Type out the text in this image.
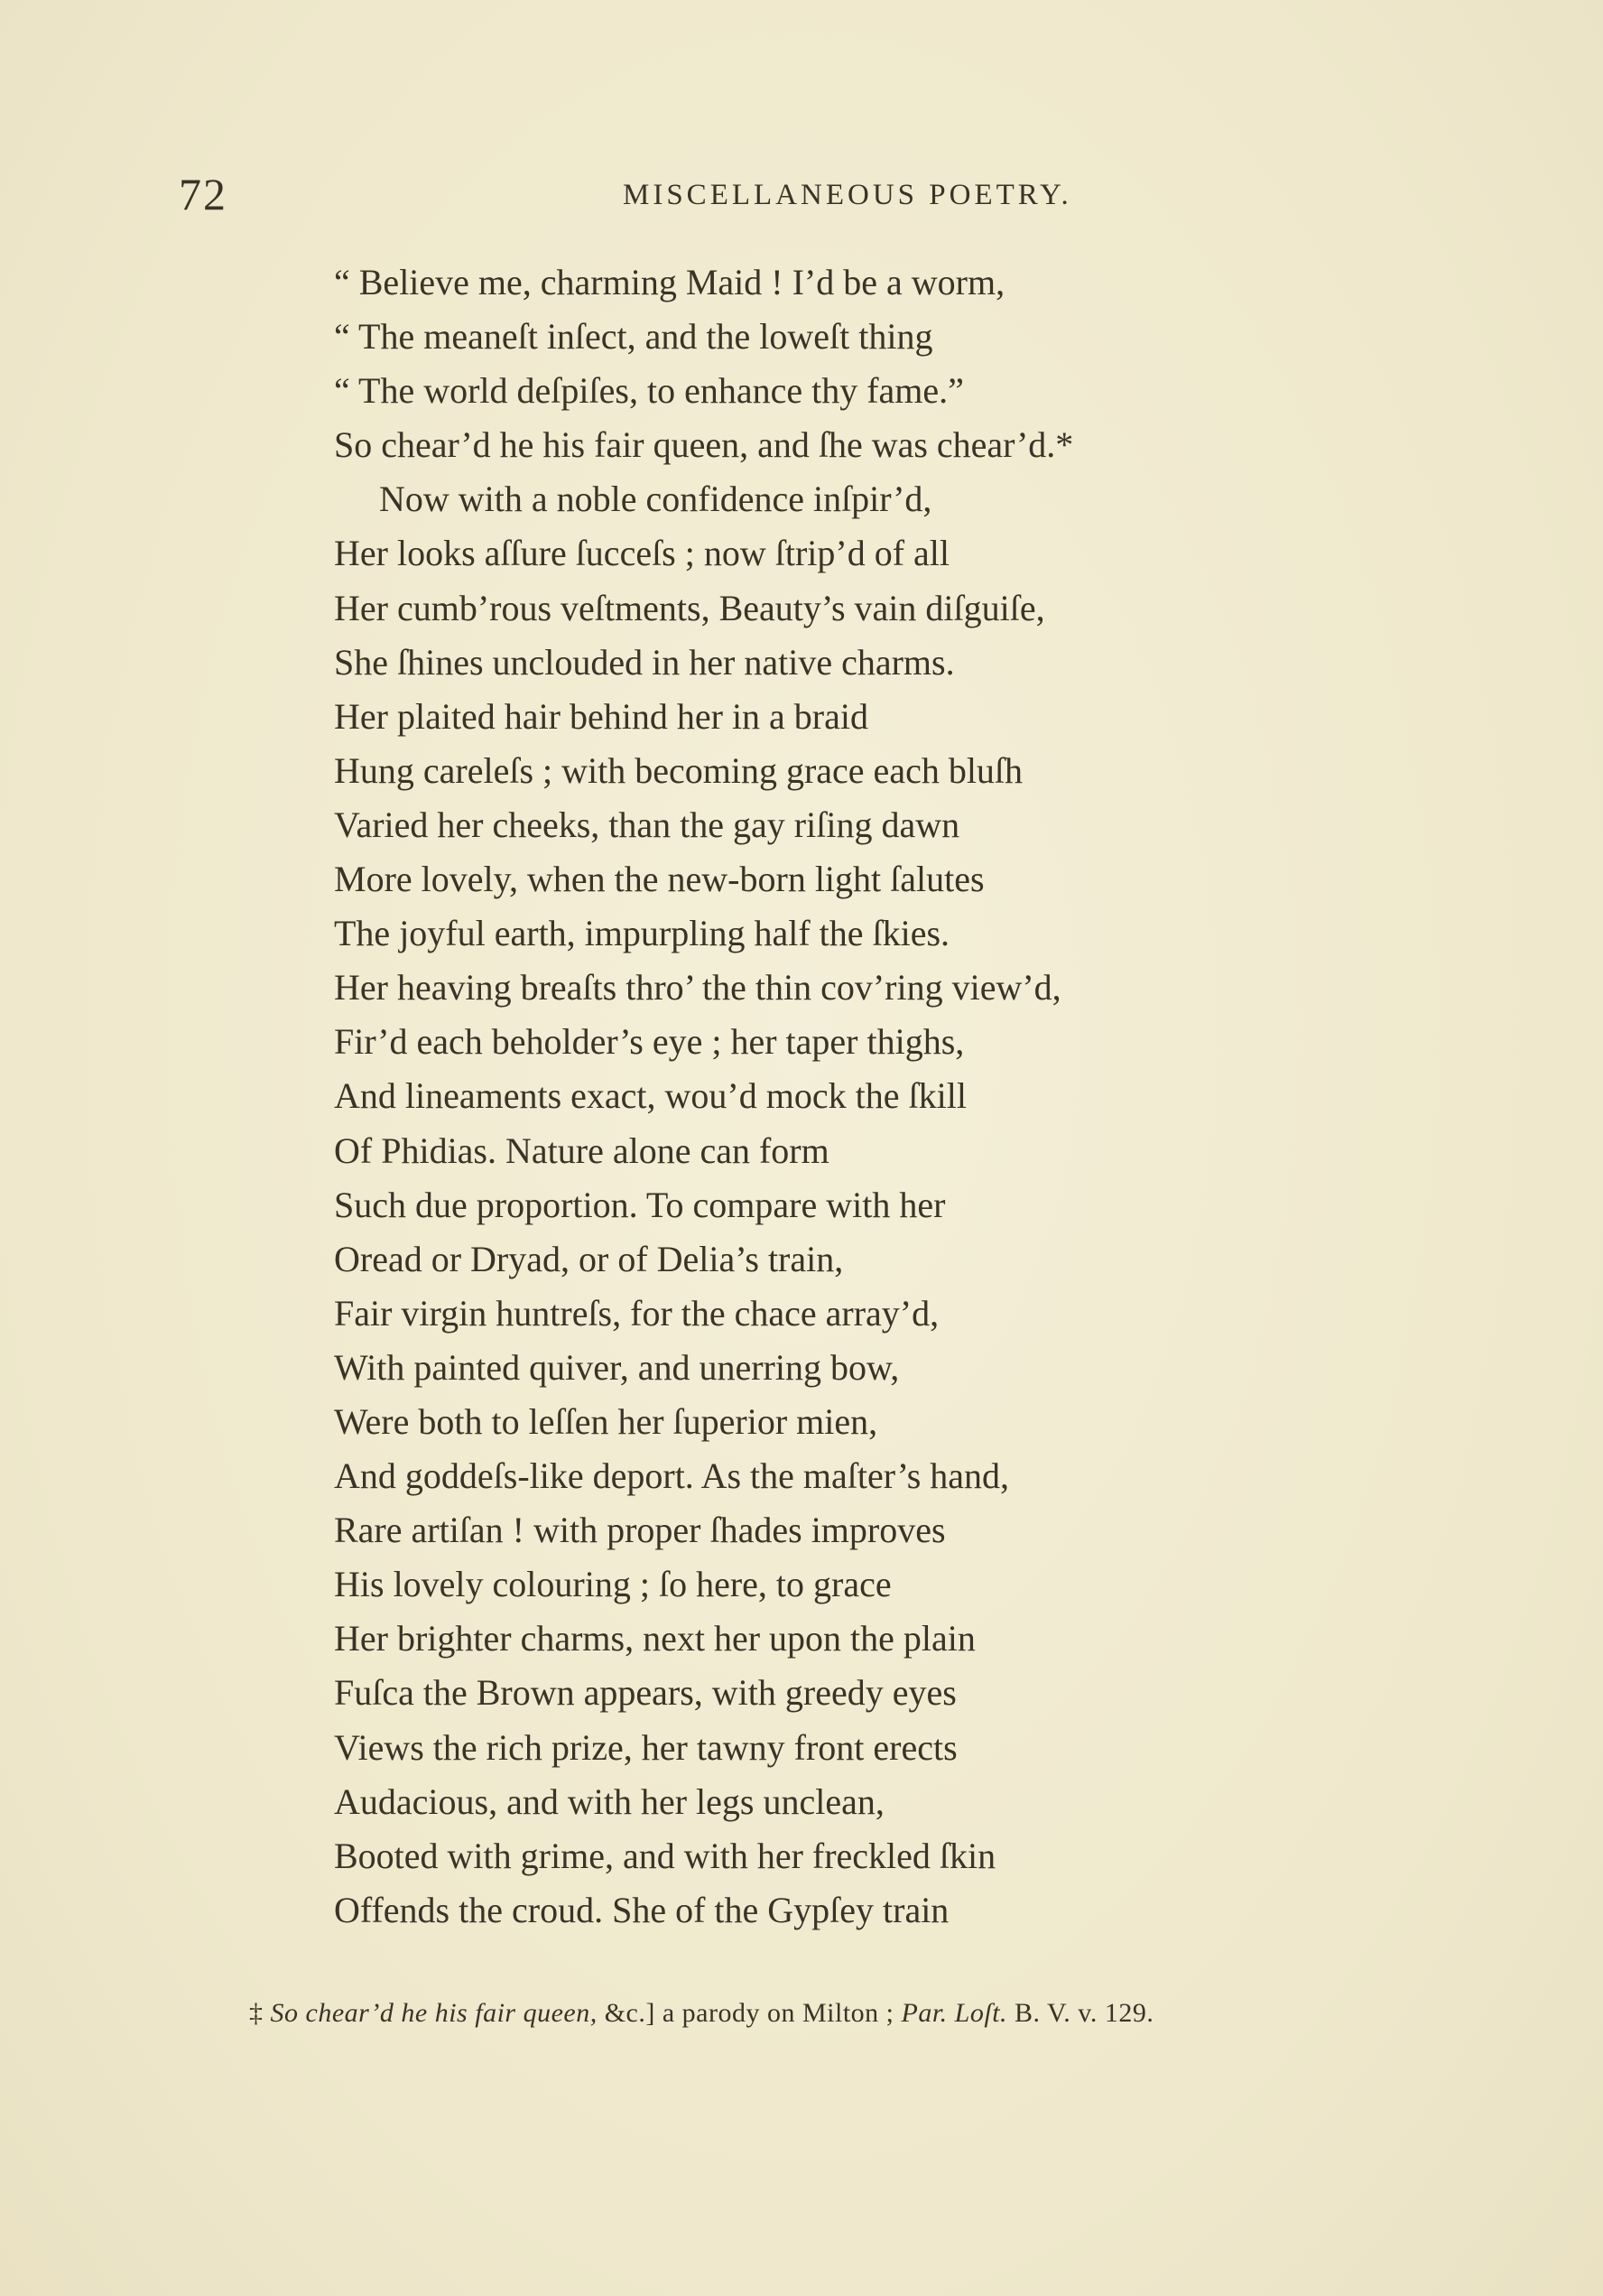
72	MISCELLANEOUS POETRY.
“ Believe me, charming Maid ! I’d be a worm,
“ The meaneſt inſect, and the loweſt thing
“ The world deſpiſes, to enhance thy fame.”
So chear’d he his fair queen, and ſhe was chear’d.*
Now with a noble confidence inſpir’d,
Her looks aſſure ſucceſs ; now ſtrip’d of all
Her cumb’rous veſtments, Beauty’s vain diſguiſe,
She ſhines unclouded in her native charms.
Her plaited hair behind her in a braid
Hung careleſs ; with becoming grace each bluſh
Varied her cheeks, than the gay riſing dawn
More lovely, when the new-born light ſalutes
The joyful earth, impurpling half the ſkies.
Her heaving breaſts thro’ the thin cov’ring view’d,
Fir’d each beholder’s eye ; her taper thighs,
And lineaments exact, wou’d mock the ſkill
Of Phidias. Nature alone can form
Such due proportion. To compare with her
Oread or Dryad, or of Delia’s train,
Fair virgin huntreſs, for the chace array’d,
With painted quiver, and unerring bow,
Were both to leſſen her ſuperior mien,
And goddeſs-like deport. As the maſter’s hand,
Rare artiſan ! with proper ſhades improves
His lovely colouring ; ſo here, to grace
Her brighter charms, next her upon the plain
Fuſca the Brown appears, with greedy eyes
Views the rich prize, her tawny front erects
Audacious, and with her legs unclean,
Booted with grime, and with her freckled ſkin
Offends the croud. She of the Gypſey train
‡ So chear’d he his fair queen, &c.] a parody on Milton ; Par. Loſt. B. V. v. 129.
